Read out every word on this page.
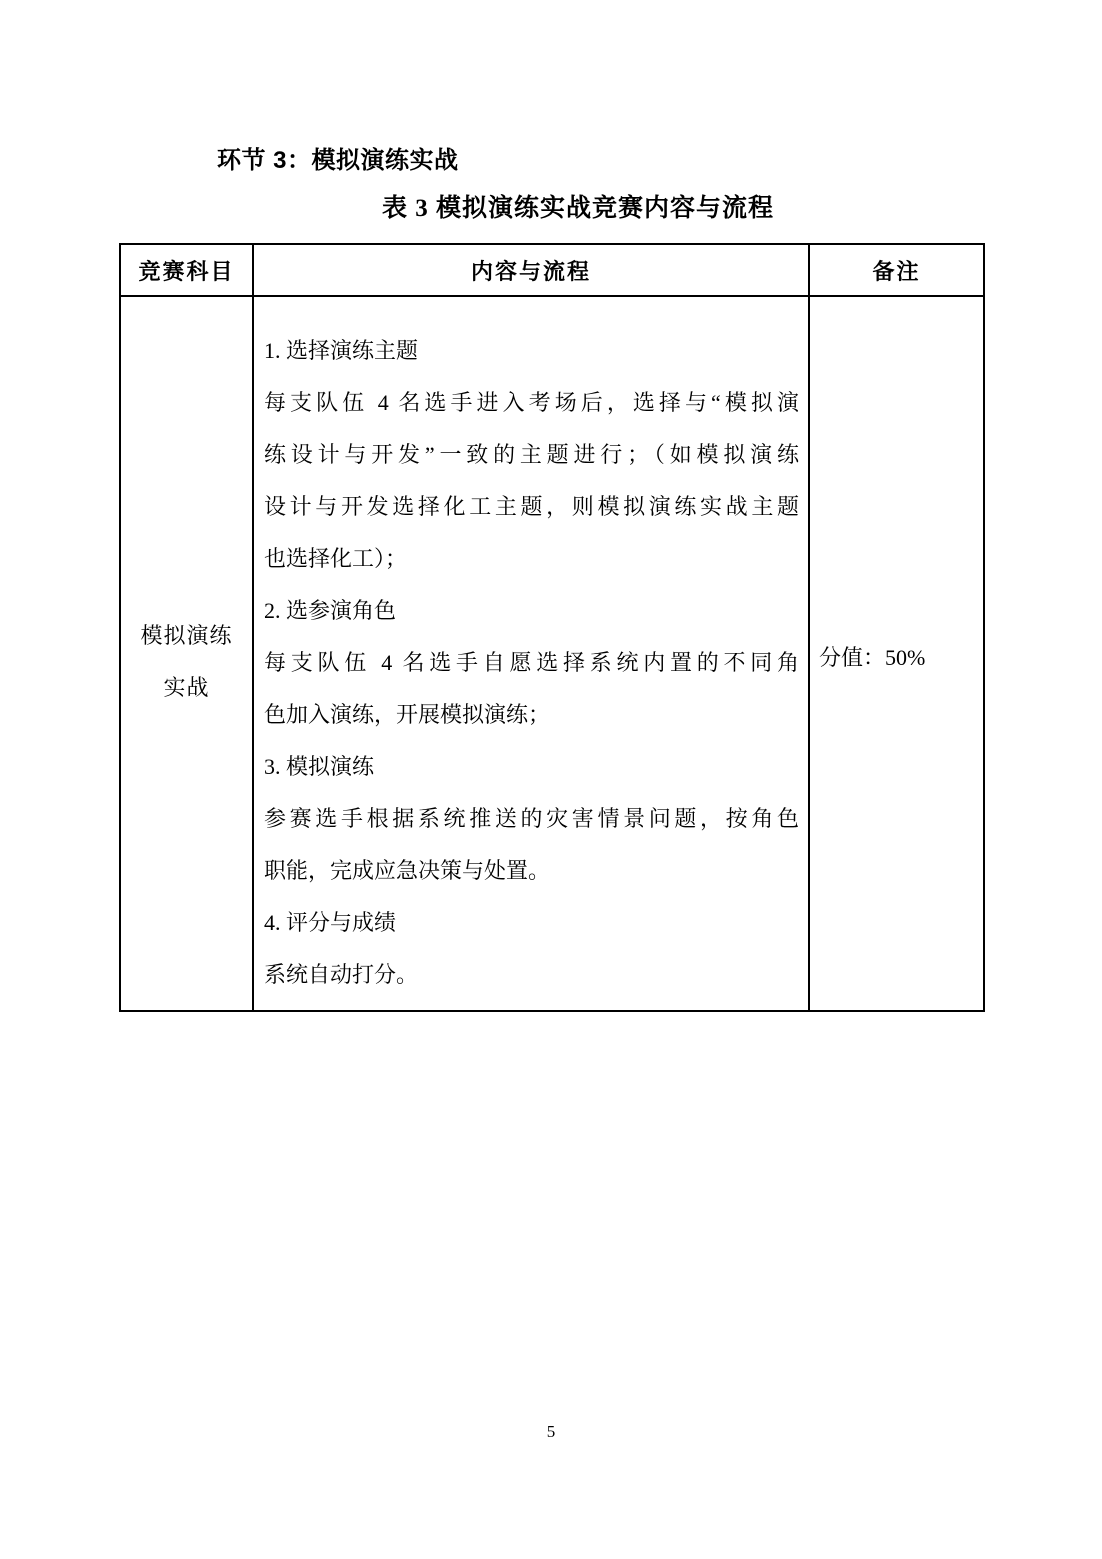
环节 3：模拟演练实战
表 3 模拟演练实战竞赛内容与流程
竞赛科目	内容与流程	备注
模拟演练
实战
1. 选择演练主题
每支队伍 4 名选手进入考场后，选择与“模拟演
练设计与开发”一致的主题进行；（如模拟演练
设计与开发选择化工主题，则模拟演练实战主题
也选择化工）；
2. 选参演角色
每支队伍 4 名选手自愿选择系统内置的不同角
色加入演练，开展模拟演练；
3. 模拟演练
参赛选手根据系统推送的灾害情景问题，按角色
职能，完成应急决策与处置。
4. 评分与成绩
系统自动打分。
分值：50%
5
